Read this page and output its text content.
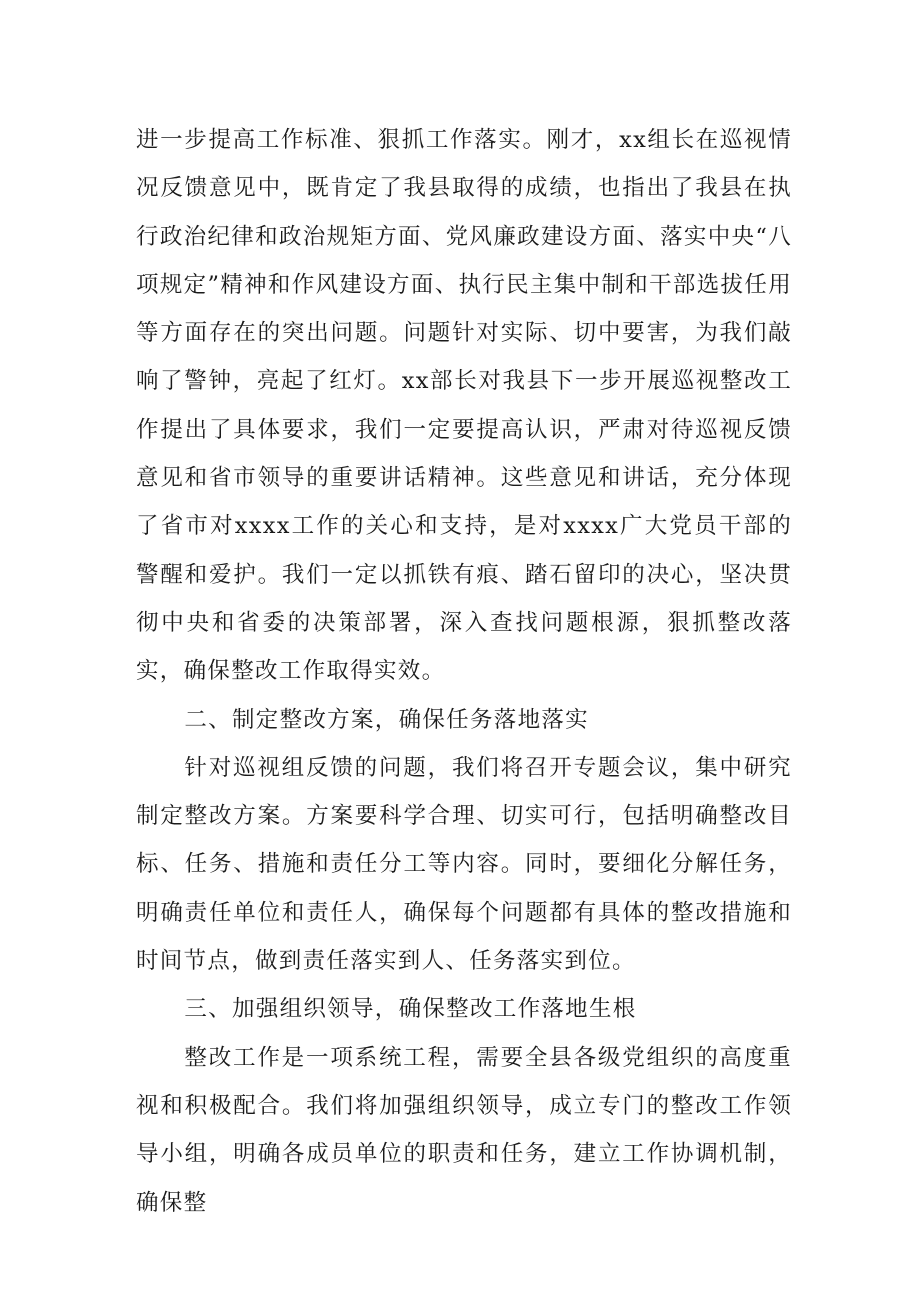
进一步提高工作标准、狠抓工作落实。刚才，xx组长在巡视情况反馈意见中，既肯定了我县取得的成绩，也指出了我县在执行政治纪律和政治规矩方面、党风廉政建设方面、落实中央“八项规定”精神和作风建设方面、执行民主集中制和干部选拔任用等方面存在的突出问题。问题针对实际、切中要害，为我们敲响了警钟，亮起了红灯。xx部长对我县下一步开展巡视整改工作提出了具体要求，我们一定要提高认识，严肃对待巡视反馈意见和省市领导的重要讲话精神。这些意见和讲话，充分体现了省市对xxxx工作的关心和支持，是对xxxx广大党员干部的警醒和爱护。我们一定以抓铁有痕、踏石留印的决心，坚决贯彻中央和省委的决策部署，深入查找问题根源，狠抓整改落实，确保整改工作取得实效。

二、制定整改方案，确保任务落地落实

针对巡视组反馈的问题，我们将召开专题会议，集中研究制定整改方案。方案要科学合理、切实可行，包括明确整改目标、任务、措施和责任分工等内容。同时，要细化分解任务，明确责任单位和责任人，确保每个问题都有具体的整改措施和时间节点，做到责任落实到人、任务落实到位。

三、加强组织领导，确保整改工作落地生根

整改工作是一项系统工程，需要全县各级党组织的高度重视和积极配合。我们将加强组织领导，成立专门的整改工作领导小组，明确各成员单位的职责和任务，建立工作协调机制，确保整
